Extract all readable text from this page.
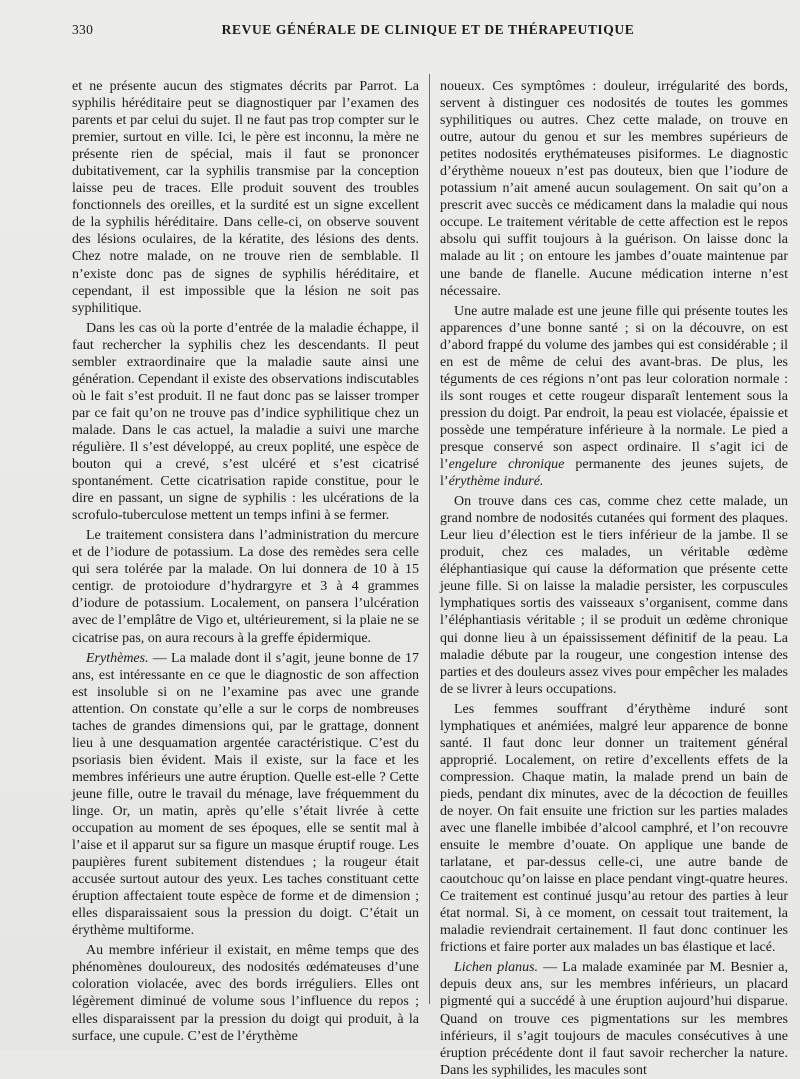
330	REVUE GÉNÉRALE DE CLINIQUE ET DE THÉRAPEUTIQUE

et ne présente aucun des stigmates décrits par Parrot. La syphilis héréditaire peut se diagnostiquer par l’examen des parents et par celui du sujet. Il ne faut pas trop compter sur le premier, surtout en ville. Ici, le père est inconnu, la mère ne présente rien de spécial, mais il faut se prononcer dubitativement, car la syphilis transmise par la conception laisse peu de traces. Elle produit souvent des troubles fonctionnels des oreilles, et la surdité est un signe excellent de la syphilis héréditaire. Dans celle-ci, on observe souvent des lésions oculaires, de la kératite, des lésions des dents. Chez notre malade, on ne trouve rien de semblable. Il n’existe donc pas de signes de syphilis héréditaire, et cependant, il est impossible que la lésion ne soit pas syphilitique.

Dans les cas où la porte d’entrée de la maladie échappe, il faut rechercher la syphilis chez les descendants. Il peut sembler extraordinaire que la maladie saute ainsi une génération. Cependant il existe des observations indiscutables où le fait s’est produit. Il ne faut donc pas se laisser tromper par ce fait qu’on ne trouve pas d’indice syphilitique chez un malade. Dans le cas actuel, la maladie a suivi une marche régulière. Il s’est développé, au creux poplité, une espèce de bouton qui a crevé, s’est ulcéré et s’est cicatrisé spontanément. Cette cicatrisation rapide constitue, pour le dire en passant, un signe de syphilis : les ulcérations de la scrofulo-tuberculose mettent un temps infini à se fermer.

Le traitement consistera dans l’administration du mercure et de l’iodure de potassium. La dose des remèdes sera celle qui sera tolérée par la malade. On lui donnera de 10 à 15 centigr. de protoiodure d’hydrargyre et 3 à 4 grammes d’iodure de potassium. Localement, on pansera l’ulcération avec de l’emplâtre de Vigo et, ultérieurement, si la plaie ne se cicatrise pas, on aura recours à la greffe épidermique.

Erythèmes. — La malade dont il s’agit, jeune bonne de 17 ans, est intéressante en ce que le diagnostic de son affection est insoluble si on ne l’examine pas avec une grande attention. On constate qu’elle a sur le corps de nombreuses taches de grandes dimensions qui, par le grattage, donnent lieu à une desquamation argentée caractéristique. C’est du psoriasis bien évident. Mais il existe, sur la face et les membres inférieurs une autre éruption. Quelle est-elle ? Cette jeune fille, outre le travail du ménage, lave fréquemment du linge. Or, un matin, après qu’elle s’était livrée à cette occupation au moment de ses époques, elle se sentit mal à l’aise et il apparut sur sa figure un masque éruptif rouge. Les paupières furent subitement distendues ; la rougeur était accusée surtout autour des yeux. Les taches constituant cette éruption affectaient toute espèce de forme et de dimension ; elles disparaissaient sous la pression du doigt. C’était un érythème multiforme.

Au membre inférieur il existait, en même temps que des phénomènes douloureux, des nodosités œdémateuses d’une coloration violacée, avec des bords irréguliers. Elles ont légèrement diminué de volume sous l’influence du repos ; elles disparaissent par la pression du doigt qui produit, à la surface, une cupule. C’est de l’érythème

noueux. Ces symptômes : douleur, irrégularité des bords, servent à distinguer ces nodosités de toutes les gommes syphilitiques ou autres. Chez cette malade, on trouve en outre, autour du genou et sur les membres supérieurs de petites nodosités erythémateuses pisiformes. Le diagnostic d’érythème noueux n’est pas douteux, bien que l’iodure de potassium n’ait amené aucun soulagement. On sait qu’on a prescrit avec succès ce médicament dans la maladie qui nous occupe. Le traitement véritable de cette affection est le repos absolu qui suffit toujours à la guérison. On laisse donc la malade au lit ; on entoure les jambes d’ouate maintenue par une bande de flanelle. Aucune médication interne n’est nécessaire.

Une autre malade est une jeune fille qui présente toutes les apparences d’une bonne santé ; si on la découvre, on est d’abord frappé du volume des jambes qui est considérable ; il en est de même de celui des avant-bras. De plus, les téguments de ces régions n’ont pas leur coloration normale : ils sont rouges et cette rougeur disparaît lentement sous la pression du doigt. Par endroit, la peau est violacée, épaissie et possède une température inférieure à la normale. Le pied a presque conservé son aspect ordinaire. Il s’agit ici de l’engelure chronique permanente des jeunes sujets, de l’érythème induré.

On trouve dans ces cas, comme chez cette malade, un grand nombre de nodosités cutanées qui forment des plaques. Leur lieu d’élection est le tiers inférieur de la jambe. Il se produit, chez ces malades, un véritable œdème éléphantiasique qui cause la déformation que présente cette jeune fille. Si on laisse la maladie persister, les corpuscules lymphatiques sortis des vaisseaux s’organisent, comme dans l’éléphantiasis véritable ; il se produit un œdème chronique qui donne lieu à un épaississement définitif de la peau. La maladie débute par la rougeur, une congestion intense des parties et des douleurs assez vives pour empêcher les malades de se livrer à leurs occupations.

Les femmes souffrant d’érythème induré sont lymphatiques et anémiées, malgré leur apparence de bonne santé. Il faut donc leur donner un traitement général approprié. Localement, on retire d’excellents effets de la compression. Chaque matin, la malade prend un bain de pieds, pendant dix minutes, avec de la décoction de feuilles de noyer. On fait ensuite une friction sur les parties malades avec une flanelle imbibée d’alcool camphré, et l’on recouvre ensuite le membre d’ouate. On applique une bande de tarlatane, et par-dessus celle-ci, une autre bande de caoutchouc qu’on laisse en place pendant vingt-quatre heures. Ce traitement est continué jusqu’au retour des parties à leur état normal. Si, à ce moment, on cessait tout traitement, la maladie reviendrait certainement. Il faut donc continuer les frictions et faire porter aux malades un bas élastique et lacé.

Lichen planus. — La malade examinée par M. Besnier a, depuis deux ans, sur les membres inférieurs, un placard pigmenté qui a succédé à une éruption aujourd’hui disparue. Quand on trouve ces pigmentations sur les membres inférieurs, il s’agit toujours de macules consécutives à une éruption précédente dont il faut savoir rechercher la nature. Dans les syphilides, les macules sont
